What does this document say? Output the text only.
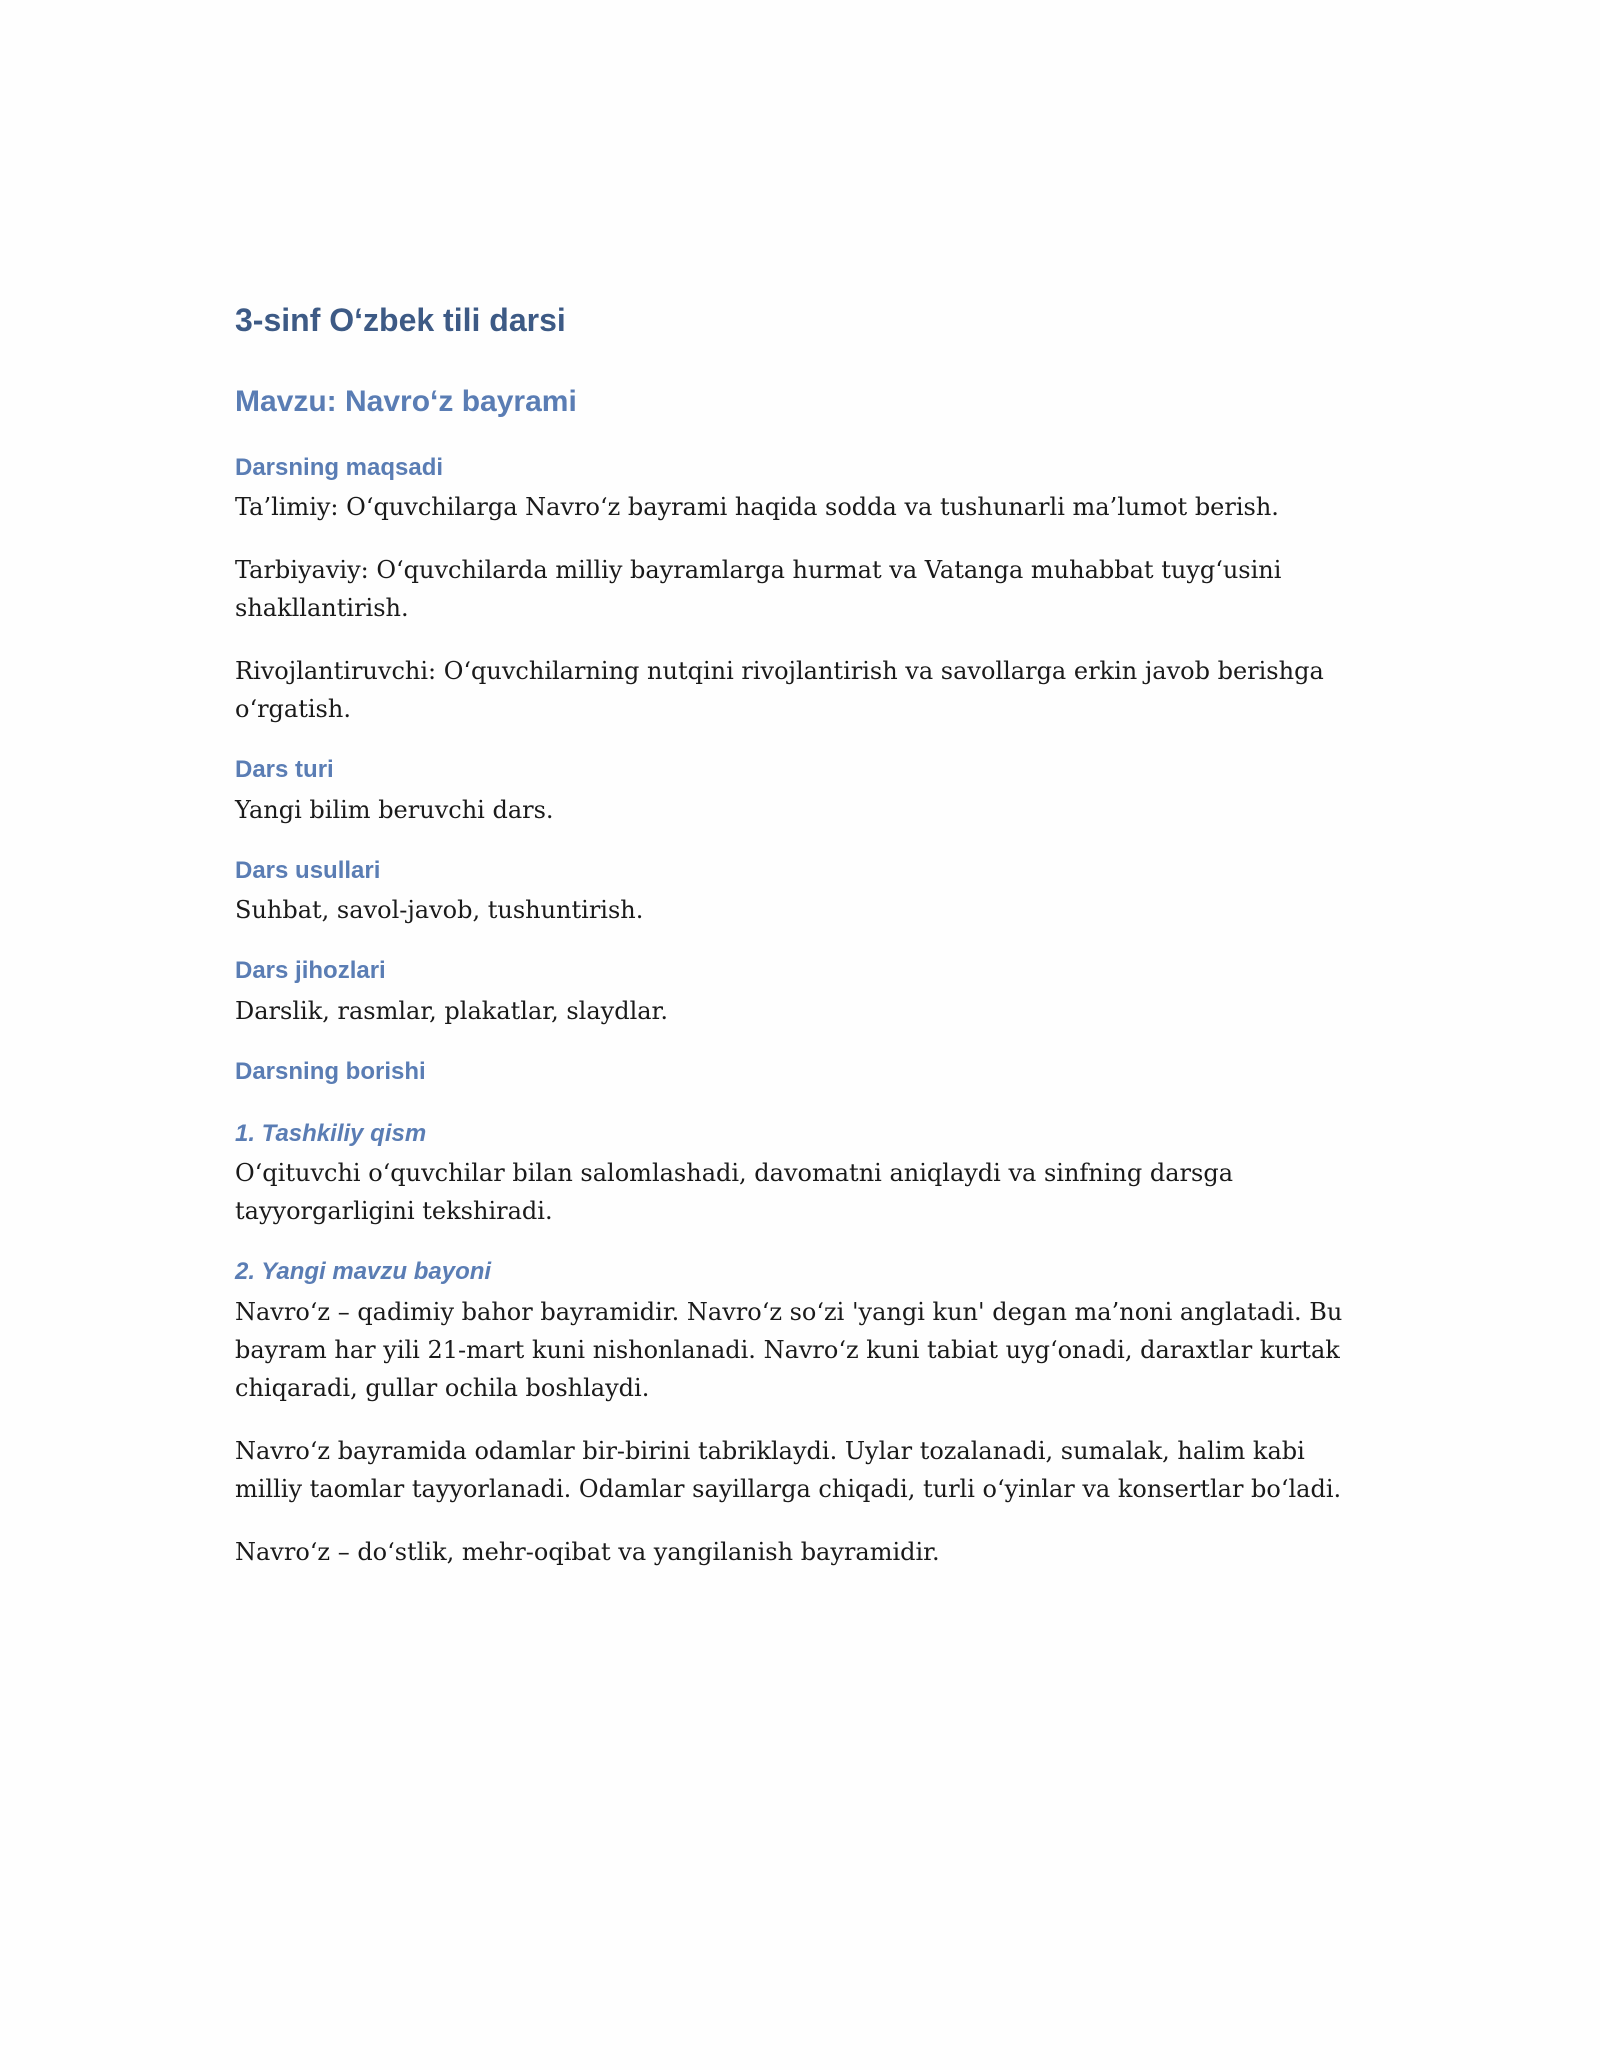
3-sinf O‘zbek tili darsi
Mavzu: Navro‘z bayrami
Darsning maqsadi

Ta’limiy: O‘quvchilarga Navro‘z bayrami haqida sodda va tushunarli ma’lumot berish.

Tarbiyaviy: O‘quvchilarda milliy bayramlarga hurmat va Vatanga muhabbat tuyg‘usini shakllantirish.

Rivojlantiruvchi: O‘quvchilarning nutqini rivojlantirish va savollarga erkin javob berishga o‘rgatish.

Dars turi

Yangi bilim beruvchi dars.

Dars usullari

Suhbat, savol-javob, tushuntirish.

Dars jihozlari

Darslik, rasmlar, plakatlar, slaydlar.

Darsning borishi
1. Tashkiliy qism

O‘qituvchi o‘quvchilar bilan salomlashadi, davomatni aniqlaydi va sinfning darsga tayyorgarligini tekshiradi.

2. Yangi mavzu bayoni

Navro‘z – qadimiy bahor bayramidir. Navro‘z so‘zi 'yangi kun' degan ma’noni anglatadi. Bu bayram har yili 21-mart kuni nishonlanadi. Navro‘z kuni tabiat uyg‘onadi, daraxtlar kurtak chiqaradi, gullar ochila boshlaydi.

Navro‘z bayramida odamlar bir-birini tabriklaydi. Uylar tozalanadi, sumalak, halim kabi milliy taomlar tayyorlanadi. Odamlar sayillarga chiqadi, turli o‘yinlar va konsertlar bo‘ladi.

Navro‘z – do‘stlik, mehr-oqibat va yangilanish bayramidir.
